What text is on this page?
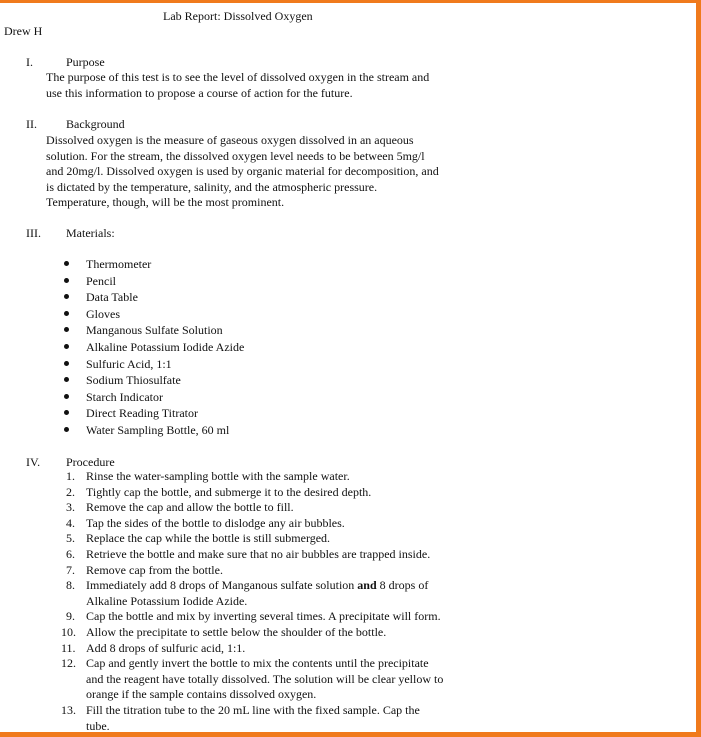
Lab Report: Dissolved Oxygen
Drew H
I.	Purpose
The purpose of this test is to see the level of dissolved oxygen in the stream and
use this information to propose a course of action for the future.
II. Background
Dissolved oxygen is the measure of gaseous oxygen dissolved in an aqueous
solution. For the stream, the dissolved oxygen level needs to be between 5mg/l
and 20mg/l. Dissolved oxygen is used by organic material for decomposition, and
is dictated by the temperature, salinity, and the atmospheric pressure.
Temperature, though, will be the most prominent.
III. Materials:
Thermometer
Pencil
Data Table
Gloves
Manganous Sulfate Solution
Alkaline Potassium Iodide Azide
Sulfuric Acid, 1:1
Sodium Thiosulfate
Starch Indicator
Direct Reading Titrator
Water Sampling Bottle, 60 ml
IV. Procedure
1. Rinse the water-sampling bottle with the sample water.
2. Tightly cap the bottle, and submerge it to the desired depth.
3. Remove the cap and allow the bottle to fill.
4. Tap the sides of the bottle to dislodge any air bubbles.
5. Replace the cap while the bottle is still submerged.
6. Retrieve the bottle and make sure that no air bubbles are trapped inside.
7. Remove cap from the bottle.
8. Immediately add 8 drops of Manganous sulfate solution and 8 drops of
Alkaline Potassium Iodide Azide.
9. Cap the bottle and mix by inverting several times. A precipitate will form.
10. Allow the precipitate to settle below the shoulder of the bottle.
11. Add 8 drops of sulfuric acid, 1:1.
12. Cap and gently invert the bottle to mix the contents until the precipitate
and the reagent have totally dissolved. The solution will be clear yellow to
orange if the sample contains dissolved oxygen.
13. Fill the titration tube to the 20 mL line with the fixed sample. Cap the
tube.
